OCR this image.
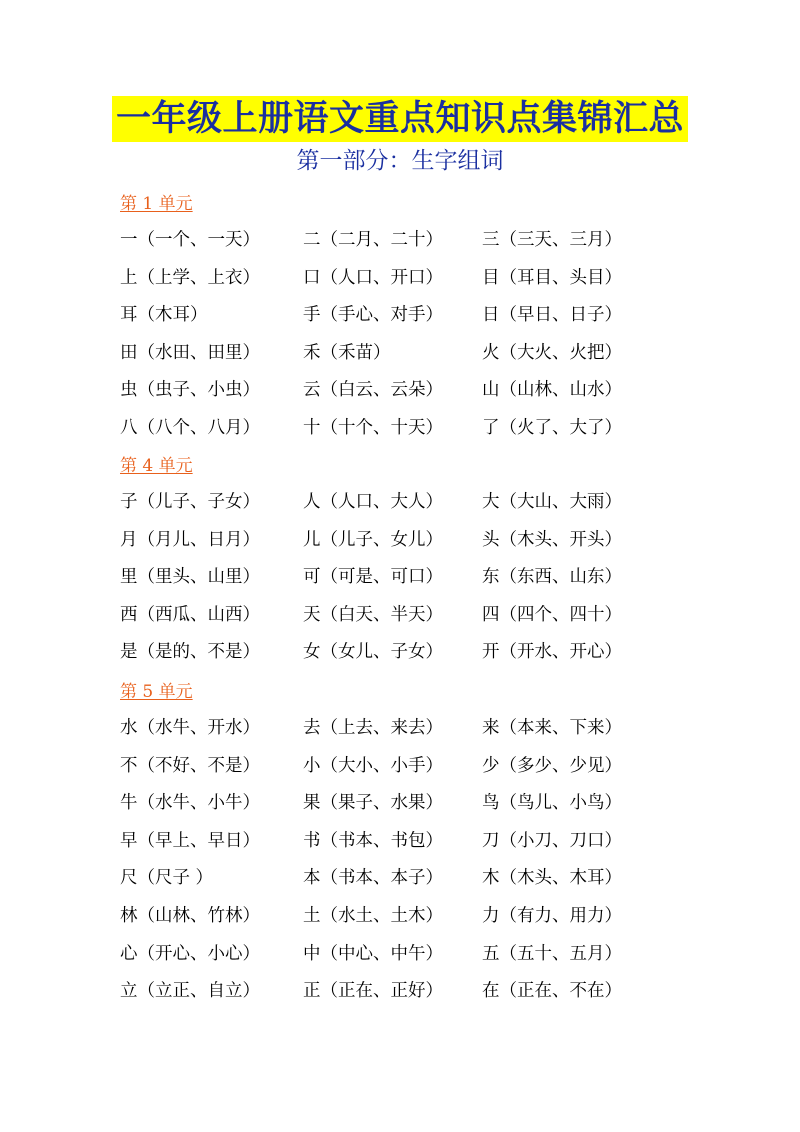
一年级上册语文重点知识点集锦汇总
第一部分：生字组词
第 1 单元
一（一个、一天） 二（二月、二十） 三（三天、三月）
上（上学、上衣） 口（人口、开口） 目（耳目、头目）
耳（木耳）	手（手心、对手） 日（早日、日子）
田（水田、田里） 禾（禾苗）	火（大火、火把）
虫（虫子、小虫） 云（白云、云朵） 山（山林、山水）
八（八个、八月） 十（十个、十天） 了（火了、大了）
第 4 单元
子（儿子、子女） 人（人口、大人） 大（大山、大雨）
月（月儿、日月） 儿（儿子、女儿） 头（木头、开头）
里（里头、山里） 可（可是、可口） 东（东西、山东）
西（西瓜、山西） 天（白天、半天） 四（四个、四十）
是（是的、不是） 女（女儿、子女） 开（开水、开心）
第 5 单元
水（水牛、开水） 去（上去、来去） 来（本来、下来）
不（不好、不是） 小（大小、小手） 少（多少、少见）
牛（水牛、小牛） 果（果子、水果） 鸟（鸟儿、小鸟）
早（早上、早日） 书（书本、书包） 刀（小刀、刀口）
尺（尺子 ）	本（书本、本子） 木（木头、木耳）
林（山林、竹林） 土（水土、土木） 力（有力、用力）
心（开心、小心） 中（中心、中午） 五（五十、五月）
立（立正、自立） 正（正在、正好） 在（正在、不在）
